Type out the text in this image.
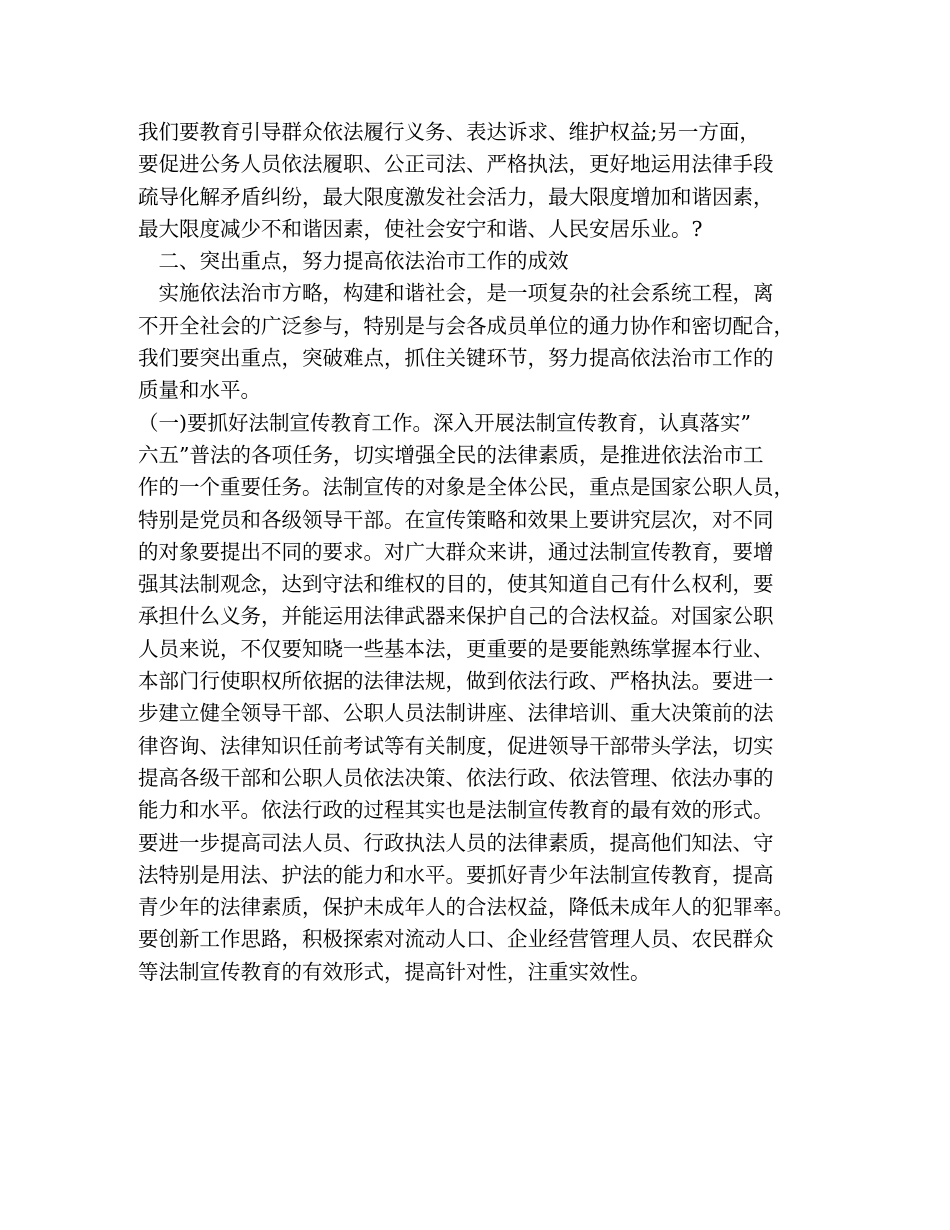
我们要教育引导群众依法履行义务、表达诉求、维护权益;另一方面，
要促进公务人员依法履职、公正司法、严格执法，更好地运用法律手段
疏导化解矛盾纠纷，最大限度激发社会活力，最大限度增加和谐因素，
最大限度减少不和谐因素，使社会安宁和谐、人民安居乐业。?
　二、突出重点，努力提高依法治市工作的成效
　实施依法治市方略，构建和谐社会，是一项复杂的社会系统工程，离
不开全社会的广泛参与，特别是与会各成员单位的通力协作和密切配合，
我们要突出重点，突破难点，抓住关键环节，努力提高依法治市工作的
质量和水平。
（一)要抓好法制宣传教育工作。深入开展法制宣传教育，认真落实”
六五”普法的各项任务，切实增强全民的法律素质，是推进依法治市工
作的一个重要任务。法制宣传的对象是全体公民，重点是国家公职人员，
特别是党员和各级领导干部。在宣传策略和效果上要讲究层次，对不同
的对象要提出不同的要求。对广大群众来讲，通过法制宣传教育，要增
强其法制观念，达到守法和维权的目的，使其知道自己有什么权利，要
承担什么义务，并能运用法律武器来保护自己的合法权益。对国家公职
人员来说，不仅要知晓一些基本法，更重要的是要能熟练掌握本行业、
本部门行使职权所依据的法律法规，做到依法行政、严格执法。要进一
步建立健全领导干部、公职人员法制讲座、法律培训、重大决策前的法
律咨询、法律知识任前考试等有关制度，促进领导干部带头学法，切实
提高各级干部和公职人员依法决策、依法行政、依法管理、依法办事的
能力和水平。依法行政的过程其实也是法制宣传教育的最有效的形式。
要进一步提高司法人员、行政执法人员的法律素质，提高他们知法、守
法特别是用法、护法的能力和水平。要抓好青少年法制宣传教育，提高
青少年的法律素质，保护未成年人的合法权益，降低未成年人的犯罪率。
要创新工作思路，积极探索对流动人口、企业经营管理人员、农民群众
等法制宣传教育的有效形式，提高针对性，注重实效性。
